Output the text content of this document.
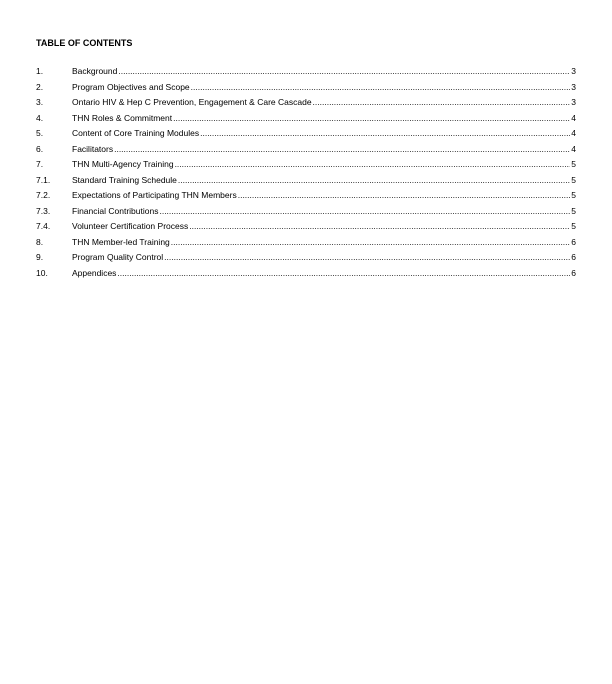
TABLE OF CONTENTS
1.	Background .....	3
2.	Program Objectives and Scope .....	3
3.	Ontario HIV & Hep C Prevention, Engagement & Care Cascade .....	3
4.	THN Roles & Commitment .....	4
5.	Content of Core Training Modules .....	4
6.	Facilitators .....	4
7.	THN Multi-Agency Training .....	5
7.1.	Standard Training Schedule .....	5
7.2.	Expectations of Participating THN Members .....	5
7.3.	Financial Contributions .....	5
7.4.	Volunteer Certification Process .....	5
8.	THN Member-led Training .....	6
9.	Program Quality Control .....	6
10.	Appendices .....	6
